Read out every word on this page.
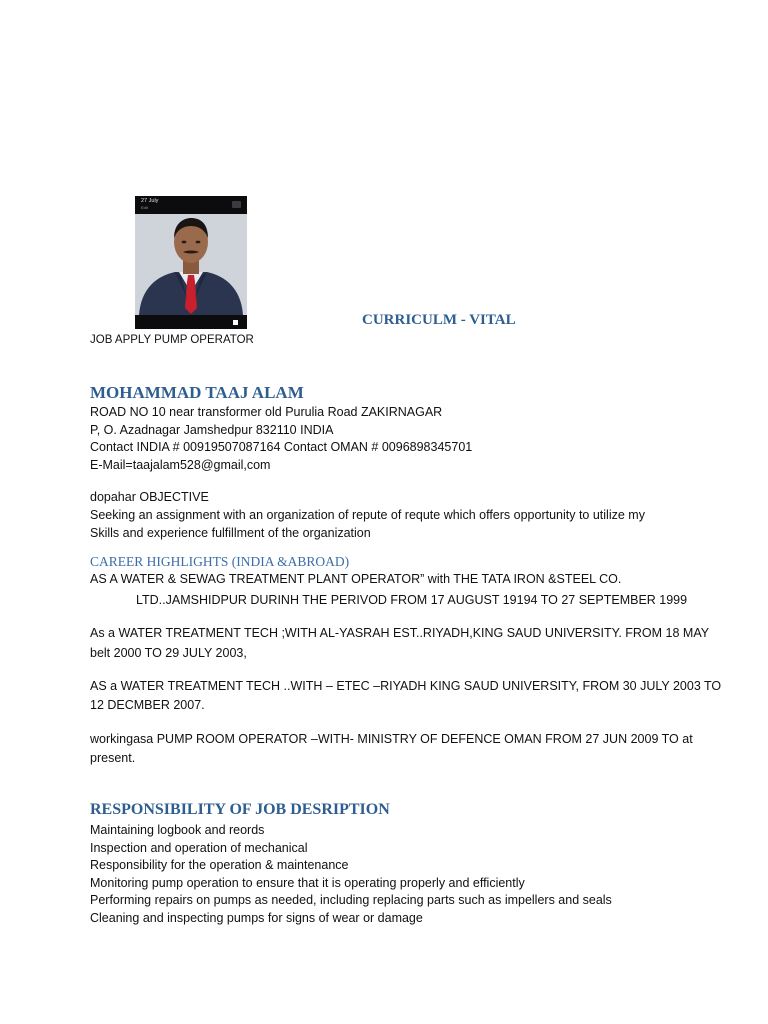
27 July
Edit
CURRICULM - VITAL
JOB APPLY PUMP OPERATOR
MOHAMMAD TAAJ ALAM
ROAD NO 10 near transformer old Purulia Road ZAKIRNAGAR
P, O. Azadnagar Jamshedpur 832110 INDIA
Contact INDIA # 00919507087164 Contact OMAN # 0096898345701
E-Mail=taajalam528@gmail,com
dopahar OBJECTIVE
Seeking an assignment with an organization of repute of requte which offers opportunity to utilize my
Skills and experience fulfillment of the organization
CAREER HIGHLIGHTS (INDIA &ABROAD)
AS A WATER & SEWAG TREATMENT PLANT OPERATOR” with THE TATA IRON &STEEL CO.
LTD..JAMSHIDPUR DURINH THE PERIVOD FROM 17 AUGUST 19194 TO 27 SEPTEMBER 1999
As a WATER TREATMENT TECH ;WITH AL-YASRAH EST..RIYADH,KING SAUD UNIVERSITY. FROM 18 MAY
belt 2000 TO 29 JULY 2003,
AS a WATER TREATMENT TECH ..WITH – ETEC –RIYADH KING SAUD UNIVERSITY, FROM 30 JULY 2003 TO
12 DECMBER 2007.
workingasa PUMP ROOM OPERATOR –WITH- MINISTRY OF DEFENCE OMAN FROM 27 JUN 2009 TO at
present.
RESPONSIBILITY OF JOB DESRIPTION
Maintaining logbook and reords
Inspection and operation of mechanical
Responsibility for the operation & maintenance
Monitoring pump operation to ensure that it is operating properly and efficiently
Performing repairs on pumps as needed, including replacing parts such as impellers and seals
Cleaning and inspecting pumps for signs of wear or damage
